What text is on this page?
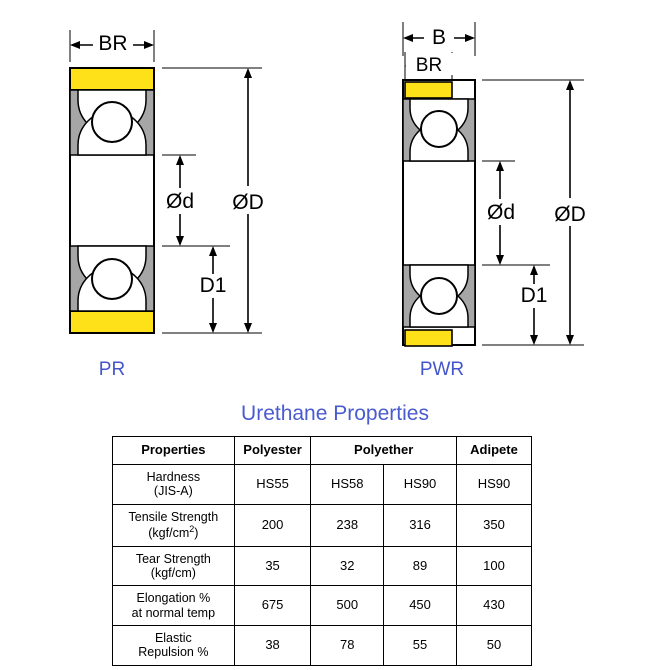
BR
Ød
D1
ØD
PR
B
BR
Ød
D1
ØD
PWR
Urethane Properties
Properties	Polyester	Polyether		Adipete
Hardness
(JIS-A)	HS55	HS58	HS90	HS90
Tensile Strength
$(kgf/cm^2)$	200	238	316	350
Tear Strength
(kgf/cm)	35	32	89	100
Elongation %
at normal temp	675	500	450	430
Elastic
Repulsion %	38	78	55	50
